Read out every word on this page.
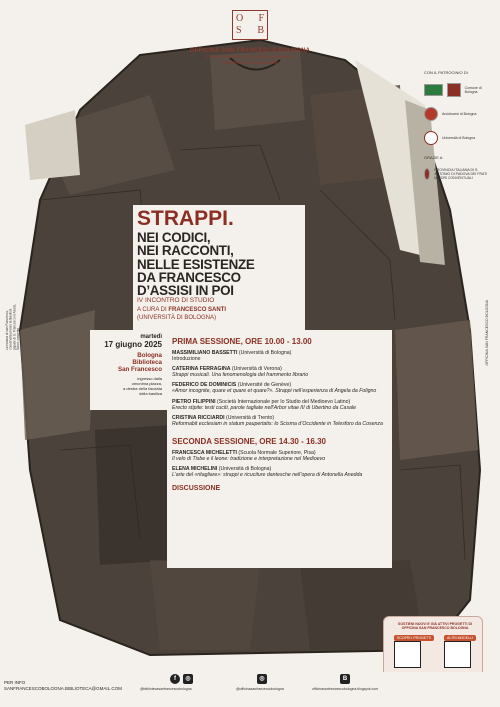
O F
S B
OFFICINA SAN FRANCESCO BOLOGNA
Sezione studi sulla storia del francescanesimo
Frate Bernardo di Quintavalle
CON IL PATROCINIO DI
Comune di Bologna
Arcidiocesi di Bologna
Università di Bologna
GRAZIE A
PROVINCIA ITALIANA DI S. ANTONIO DI PADOVA DEI FRATI MINORI CONVENTUALI
STRAPPI.
NEI CODICI,
NEI RACCONTI,
NELLE ESISTENZE
DA FRANCESCO
D’ASSISI IN POI
IV INCONTRO DI STUDIO
A CURA DI FRANCESCO SANTI
(UNIVERSITÀ DI BOLOGNA)
martedì
17 giugno 2025
Bologna
Biblioteca
San Francesco
ingresso dalla
omonima piazza,
a destra della facciata
della basilica
PRIMA SESSIONE, ORE 10.00 - 13.00
MASSIMILIANO BASSETTI (Università di Bologna)
Introduzione
CATERINA FERRAGINA (Università di Verona)
Strappi musicali. Una fenomenologia del frammento librario
FEDERICO DE DOMINICIS (Université de Genève)
«Amor incognite, quare et quare et quare?». Strappi nell’esperienza di Angela da Foligno
PIETRO FILIPPINI (Società Internazionale per lo Studio del Medioevo Latino)
Erecto stipite: testi cuciti, parole tagliate nell’Arbor vitae III di Ubertino da Casale
CRISTINA RICCIARDI (Università di Trento)
Reformabit ecclesiam in statum paupertatis: lo Scisma d’Occidente in Telesforo da Cosenza
SECONDA SESSIONE, ORE 14.30 - 16.30
FRANCESCA MICHELETTI (Scuola Normale Superiore, Pisa)
Il velo di Tisbe e il leone: tradizione e interpretazione nel Medioevo
ELENA MICHELINI (Università di Bologna)
L’arte del «ritagliare»: strappi e ricuciture dantesche nell’opera di Antonella Anedda
DISCUSSIONE
La tonaca di san Francesco, conservata presso la Basilica papale di S. Francesco in Assisi, Sacro convento	OFFICINA SAN FRANCESCO BOLOGNA
SOSTIENI NUOVI E GIÀ ATTIVI PROGETTI DI OFFICINA SAN FRANCESCO BOLOGNA
SCOPRI I PROGETTI	ALTRI MODELLI
PER INFO
SANFRANCESCOBOLOGNA.BIBLIOTECA@GMAIL.COM
f	◎
@bibliotecasanfrancescobologna
◎
@officinasanfrancescobologna
B
officinasanfrancescobologna.blogspot.com
